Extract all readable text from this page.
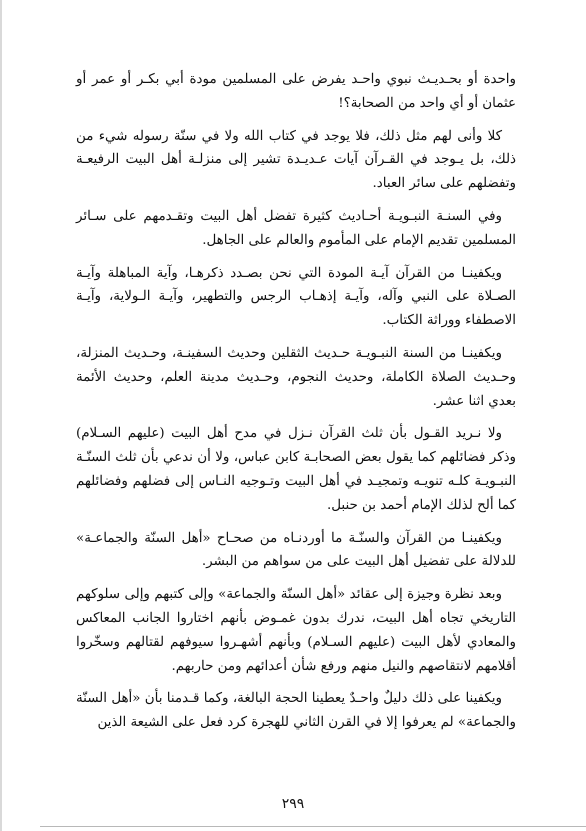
واحدة أو بحـديـث نبوي واحـد يفرض على المسلمين مودة أبي بكـر أو عمر أو عثمان أو أي واحد من الصحابة؟!

كلا وأنى لهم مثل ذلك، فلا يوجد في كتاب الله ولا في سنّة رسوله شيء من ذلك، بل يـوجد في القـرآن آيات عـديـدة تشير إلى منزلـة أهل البيت الرفيعـة وتفضلهم على سائر العباد.

وفي السنـة النبـويـة أحـاديث كثيرة تفضل أهل البيت وتقـدمهم على سـائر المسلمين تقديم الإمام على المأموم والعالم على الجاهل.

ويكفينـا من القرآن آيـة المودة التي نحن بصـدد ذكرهـا، وآية المباهلة وآيـة الصـلاة على النبي وآله، وآيـة إذهـاب الرجس والتطهير، وآيـة الـولاية، وآيـة الاصطفاء ووراثة الكتاب.

ويكفينـا من السنة النبـويـة حـديث الثقلين وحديث السفينـة، وحـديث المنزلة، وحـديث الصلاة الكاملة، وحديث النجوم، وحـديث مدينة العلم، وحديث الأئمة بعدي اثنا عشر.

ولا نـريد القـول بأن ثلث القرآن نـزل في مدح أهل البيت (عليهم السـلام) وذكر فضائلهم كما يقول بعض الصحابـة كابن عباس، ولا أن ندعي بأن ثلث السنّـة النبـويـة كلـه تنويـه وتمجيـد في أهل البيت وتـوجيه النـاس إلى فضلهم وفضائلهم كما ألح لذلك الإمام أحمد بن حنبل.

ويكفينـا من القرآن والسنّـة ما أوردنـاه من صحـاح «أهل السنّة والجماعـة» للدلالة على تفضيل أهل البيت على من سواهم من البشر.

وبعد نظرة وجيزة إلى عقائد «أهل السنّة والجماعة» وإلى كتبهم وإلى سلوكهم التاريخي تجاه أهل البيت، ندرك بدون غمـوض بأنهم اختاروا الجانب المعاكس والمعادي لأهل البيت (عليهم السـلام) وبأنهم أشهـروا سيوفهم لقتالهم وسخّروا أقلامهم لانتقاصهم والنيل منهم ورفع شأن أعدائهم ومن حاربهم.

ويكفينا على ذلك دليلٌ واحـدٌ يعطينا الحجة البالغة، وكما قـدمنا بأن «أهل السنّة والجماعة» لم يعرفوا إلا في القرن الثاني للهجرة كرد فعل على الشيعة الذين

٢٩٩
